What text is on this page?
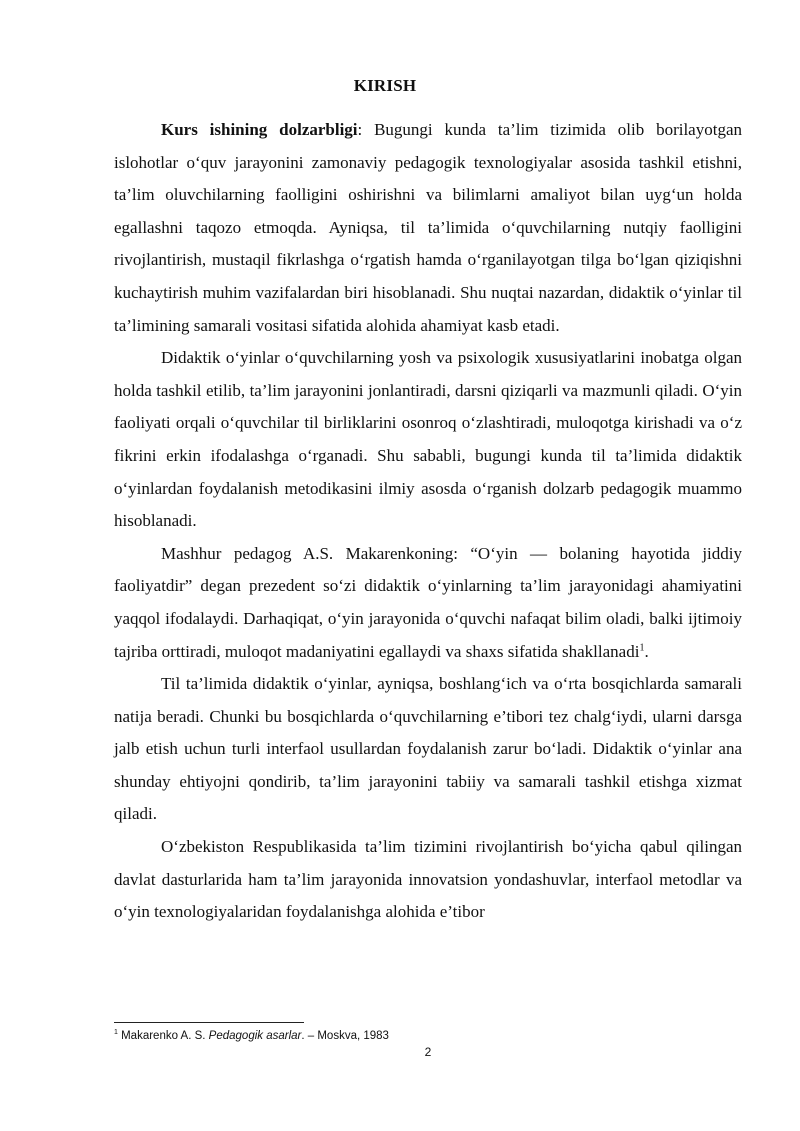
KIRISH

Kurs ishining dolzarbligi: Bugungi kunda ta’lim tizimida olib borilayotgan islohotlar o‘quv jarayonini zamonaviy pedagogik texnologiyalar asosida tashkil etishni, ta’lim oluvchilarning faolligini oshirishni va bilimlarni amaliyot bilan uyg‘un holda egallashni taqozo etmoqda. Ayniqsa, til ta’limida o‘quvchilarning nutqiy faolligini rivojlantirish, mustaqil fikrlashga o‘rgatish hamda o‘rganilayotgan tilga bo‘lgan qiziqishni kuchaytirish muhim vazifalardan biri hisoblanadi. Shu nuqtai nazardan, didaktik o‘yinlar til ta’limining samarali vositasi sifatida alohida ahamiyat kasb etadi.

Didaktik o‘yinlar o‘quvchilarning yosh va psixologik xususiyatlarini inobatga olgan holda tashkil etilib, ta’lim jarayonini jonlantiradi, darsni qiziqarli va mazmunli qiladi. O‘yin faoliyati orqali o‘quvchilar til birliklarini osonroq o‘zlashtiradi, muloqotga kirishadi va o‘z fikrini erkin ifodalashga o‘rganadi. Shu sababli, bugungi kunda til ta’limida didaktik o‘yinlardan foydalanish metodikasini ilmiy asosda o‘rganish dolzarb pedagogik muammo hisoblanadi.

Mashhur pedagog A.S. Makarenkoning: “O‘yin — bolaning hayotida jiddiy faoliyatdir” degan prezedent so‘zi didaktik o‘yinlarning ta’lim jarayonidagi ahamiyatini yaqqol ifodalaydi. Darhaqiqat, o‘yin jarayonida o‘quvchi nafaqat bilim oladi, balki ijtimoiy tajriba orttiradi, muloqot madaniyatini egallaydi va shaxs sifatida shakllanadi$^1$.

Til ta’limida didaktik o‘yinlar, ayniqsa, boshlang‘ich va o‘rta bosqichlarda samarali natija beradi. Chunki bu bosqichlarda o‘quvchilarning e’tibori tez chalg‘iydi, ularni darsga jalb etish uchun turli interfaol usullardan foydalanish zarur bo‘ladi. Didaktik o‘yinlar ana shunday ehtiyojni qondirib, ta’lim jarayonini tabiiy va samarali tashkil etishga xizmat qiladi.

O‘zbekiston Respublikasida ta’lim tizimini rivojlantirish bo‘yicha qabul qilingan davlat dasturlarida ham ta’lim jarayonida innovatsion yondashuvlar, interfaol metodlar va o‘yin texnologiyalaridan foydalanishga alohida e’tibor

$^1$ Makarenko A. S. Pedagogik asarlar. – Moskva, 1983
2
